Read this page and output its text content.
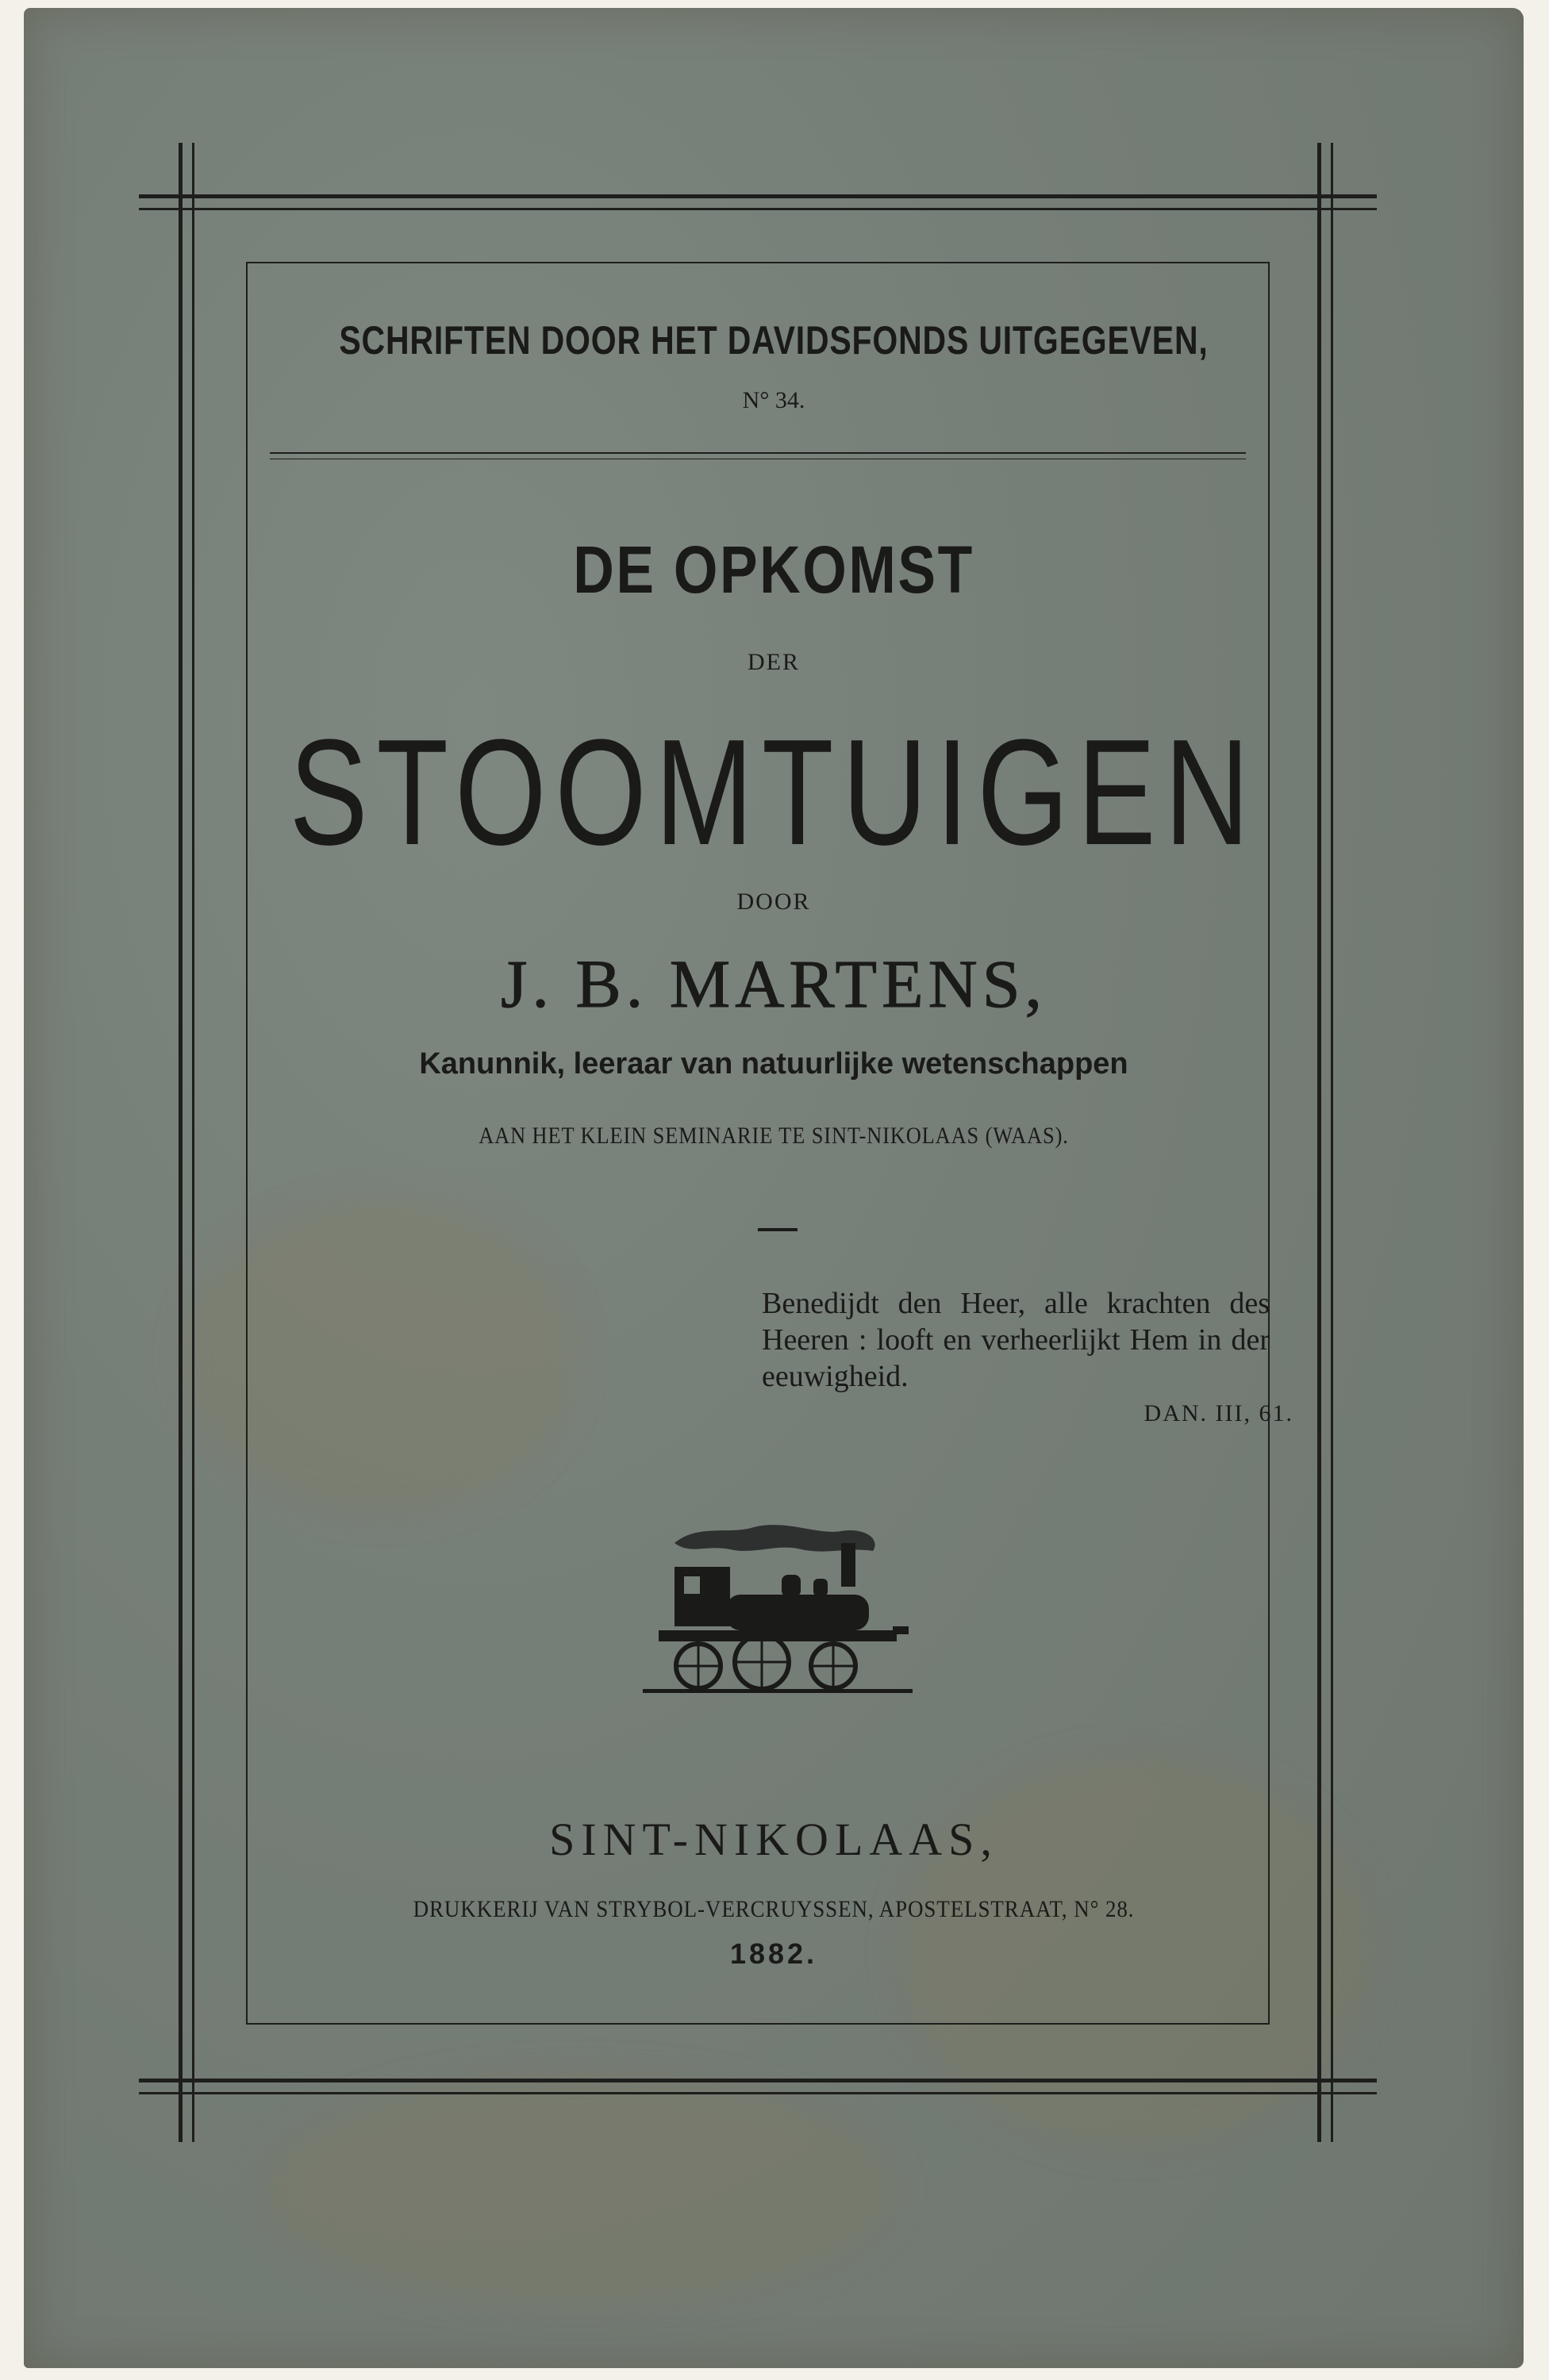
SCHRIFTEN DOOR HET DAVIDSFONDS UITGEGEVEN,
N° 34.
DE OPKOMST
DER
STOOMTUIGEN
DOOR
J. B. MARTENS,
Kanunnik, leeraar van natuurlijke wetenschappen
AAN HET KLEIN SEMINARIE TE SINT-NIKOLAAS (WAAS).
Benedijdt den Heer, alle krachten des Heeren : looft en verheerlijkt Hem in der eeuwigheid.
DAN. III, 61.
SINT-NIKOLAAS,
DRUKKERIJ VAN STRYBOL-VERCRUYSSEN, APOSTELSTRAAT, N° 28.
1882.
